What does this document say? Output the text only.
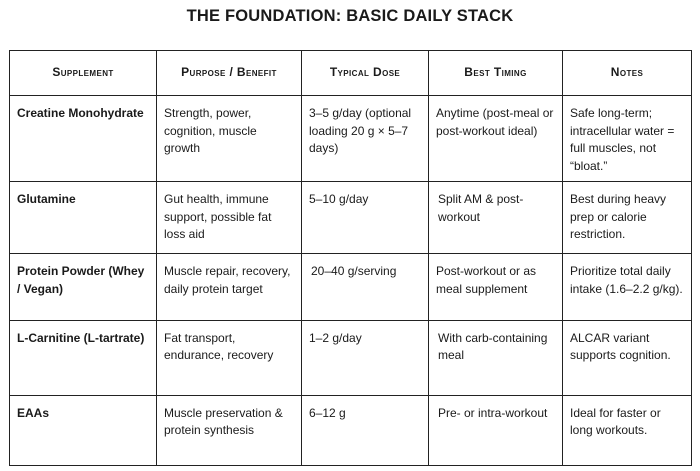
THE FOUNDATION: BASIC DAILY STACK
Supplement	Purpose / Benefit	Typical Dose	Best Timing	Notes

Creatine Monohydrate	Strength, power, cognition, muscle growth	3–5 g/day (optional loading 20 g × 5–7 days)	Anytime (post-meal or post-workout ideal)	Safe long-term; intracellular water = full muscles, not “bloat.”

Glutamine	Gut health, immune support, possible fat loss aid	5–10 g/day	Split AM & post-workout	Best during heavy prep or calorie restriction.

Protein Powder (Whey / Vegan)	Muscle repair, recovery, daily protein target	20–40 g/serving	Post-workout or as meal supplement	Prioritize total daily intake (1.6–2.2 g/kg).

L-Carnitine (L-tartrate)	Fat transport, endurance, recovery	1–2 g/day	With carb-containing meal	ALCAR variant supports cognition.

EAAs	Muscle preservation & protein synthesis	6–12 g	Pre- or intra-workout	Ideal for faster or long workouts.
